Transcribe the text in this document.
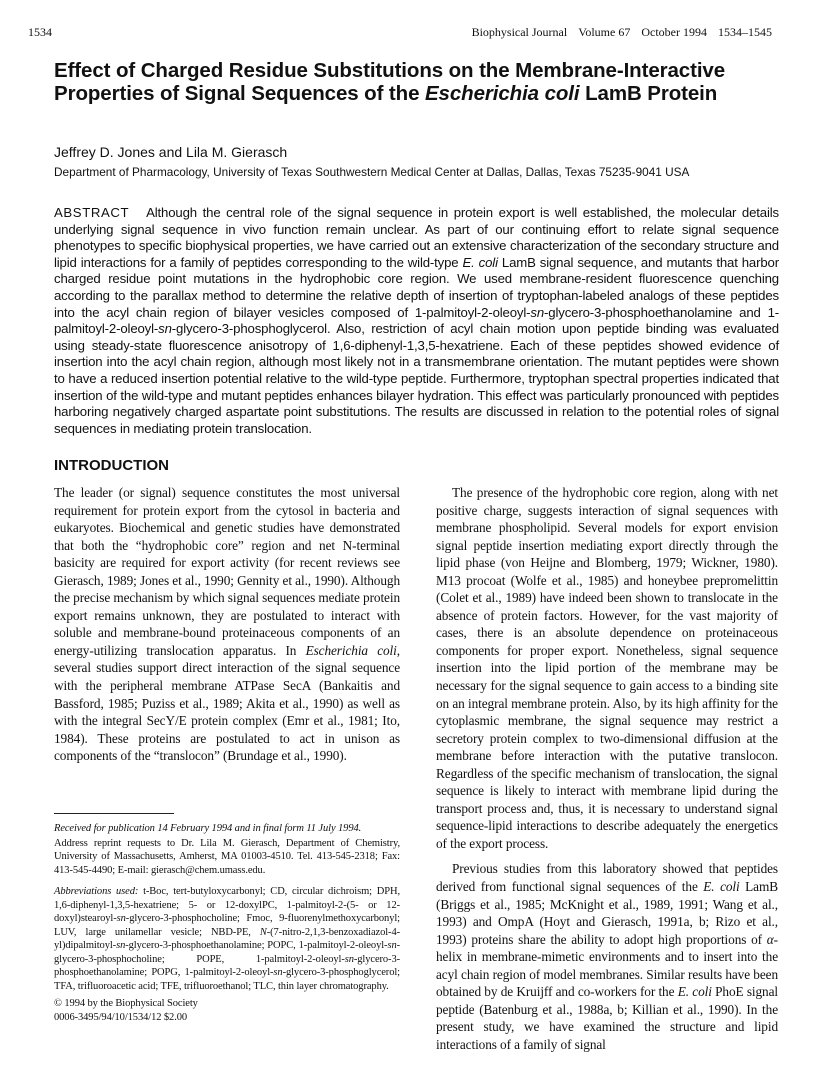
1534	Biophysical Journal Volume 67 October 1994 1534–1545
Effect of Charged Residue Substitutions on the Membrane-Interactive Properties of Signal Sequences of the Escherichia coli LamB Protein
Jeffrey D. Jones and Lila M. Gierasch
Department of Pharmacology, University of Texas Southwestern Medical Center at Dallas, Dallas, Texas 75235-9041 USA
ABSTRACT Although the central role of the signal sequence in protein export is well established, the molecular details underlying signal sequence in vivo function remain unclear. As part of our continuing effort to relate signal sequence phenotypes to specific biophysical properties, we have carried out an extensive characterization of the secondary structure and lipid interactions for a family of peptides corresponding to the wild-type E. coli LamB signal sequence, and mutants that harbor charged residue point mutations in the hydrophobic core region. We used membrane-resident fluorescence quenching according to the parallax method to determine the relative depth of insertion of tryptophan-labeled analogs of these peptides into the acyl chain region of bilayer vesicles composed of 1-palmitoyl-2-oleoyl-sn-glycero-3-phosphoethanolamine and 1-palmitoyl-2-oleoyl-sn-glycero-3-phosphoglycerol. Also, restriction of acyl chain motion upon peptide binding was evaluated using steady-state fluorescence anisotropy of 1,6-diphenyl-1,3,5-hexatriene. Each of these peptides showed evidence of insertion into the acyl chain region, although most likely not in a transmembrane orientation. The mutant peptides were shown to have a reduced insertion potential relative to the wild-type peptide. Furthermore, tryptophan spectral properties indicated that insertion of the wild-type and mutant peptides enhances bilayer hydration. This effect was particularly pronounced with peptides harboring negatively charged aspartate point substitutions. The results are discussed in relation to the potential roles of signal sequences in mediating protein translocation.
INTRODUCTION

The leader (or signal) sequence constitutes the most universal requirement for protein export from the cytosol in bacteria and eukaryotes. Biochemical and genetic studies have demonstrated that both the “hydrophobic core” region and net N-terminal basicity are required for export activity (for recent reviews see Gierasch, 1989; Jones et al., 1990; Gennity et al., 1990). Although the precise mechanism by which signal sequences mediate protein export remains unknown, they are postulated to interact with soluble and membrane-bound proteinaceous components of an energy-utilizing translocation apparatus. In Escherichia coli, several studies support direct interaction of the signal sequence with the peripheral membrane ATPase SecA (Bankaitis and Bassford, 1985; Puziss et al., 1989; Akita et al., 1990) as well as with the integral SecY/E protein complex (Emr et al., 1981; Ito, 1984). These proteins are postulated to act in unison as components of the “translocon” (Brundage et al., 1990).

Received for publication 14 February 1994 and in final form 11 July 1994.

Address reprint requests to Dr. Lila M. Gierasch, Department of Chemistry, University of Massachusetts, Amherst, MA 01003-4510. Tel. 413-545-2318; Fax: 413-545-4490; E-mail: gierasch@chem.umass.edu.

Abbreviations used: t-Boc, tert-butyloxycarbonyl; CD, circular dichroism; DPH, 1,6-diphenyl-1,3,5-hexatriene; 5- or 12-doxylPC, 1-palmitoyl-2-(5- or 12-doxyl)stearoyl-sn-glycero-3-phosphocholine; Fmoc, 9-fluorenylmethoxycarbonyl; LUV, large unilamellar vesicle; NBD-PE, N-(7-nitro-2,1,3-benzoxadiazol-4-yl)dipalmitoyl-sn-glycero-3-phosphoethanolamine; POPC, 1-palmitoyl-2-oleoyl-sn-glycero-3-phosphocholine; POPE, 1-palmitoyl-2-oleoyl-sn-glycero-3-phosphoethanolamine; POPG, 1-palmitoyl-2-oleoyl-sn-glycero-3-phosphoglycerol; TFA, trifluoroacetic acid; TFE, trifluoroethanol; TLC, thin layer chromatography.

© 1994 by the Biophysical Society

0006-3495/94/10/1534/12 $2.00

The presence of the hydrophobic core region, along with net positive charge, suggests interaction of signal sequences with membrane phospholipid. Several models for export envision signal peptide insertion mediating export directly through the lipid phase (von Heijne and Blomberg, 1979; Wickner, 1980). M13 procoat (Wolfe et al., 1985) and honeybee prepromelittin (Colet et al., 1989) have indeed been shown to translocate in the absence of protein factors. However, for the vast majority of cases, there is an absolute dependence on proteinaceous components for proper export. Nonetheless, signal sequence insertion into the lipid portion of the membrane may be necessary for the signal sequence to gain access to a binding site on an integral membrane protein. Also, by its high affinity for the cytoplasmic membrane, the signal sequence may restrict a secretory protein complex to two-dimensional diffusion at the membrane before interaction with the putative translocon. Regardless of the specific mechanism of translocation, the signal sequence is likely to interact with membrane lipid during the transport process and, thus, it is necessary to understand signal sequence-lipid interactions to describe adequately the energetics of the export process.

Previous studies from this laboratory showed that peptides derived from functional signal sequences of the E. coli LamB (Briggs et al., 1985; McKnight et al., 1989, 1991; Wang et al., 1993) and OmpA (Hoyt and Gierasch, 1991a, b; Rizo et al., 1993) proteins share the ability to adopt high proportions of α-helix in membrane-mimetic environments and to insert into the acyl chain region of model membranes. Similar results have been obtained by de Kruijff and co-workers for the E. coli PhoE signal peptide (Batenburg et al., 1988a, b; Killian et al., 1990). In the present study, we have examined the structure and lipid interactions of a family of signal
